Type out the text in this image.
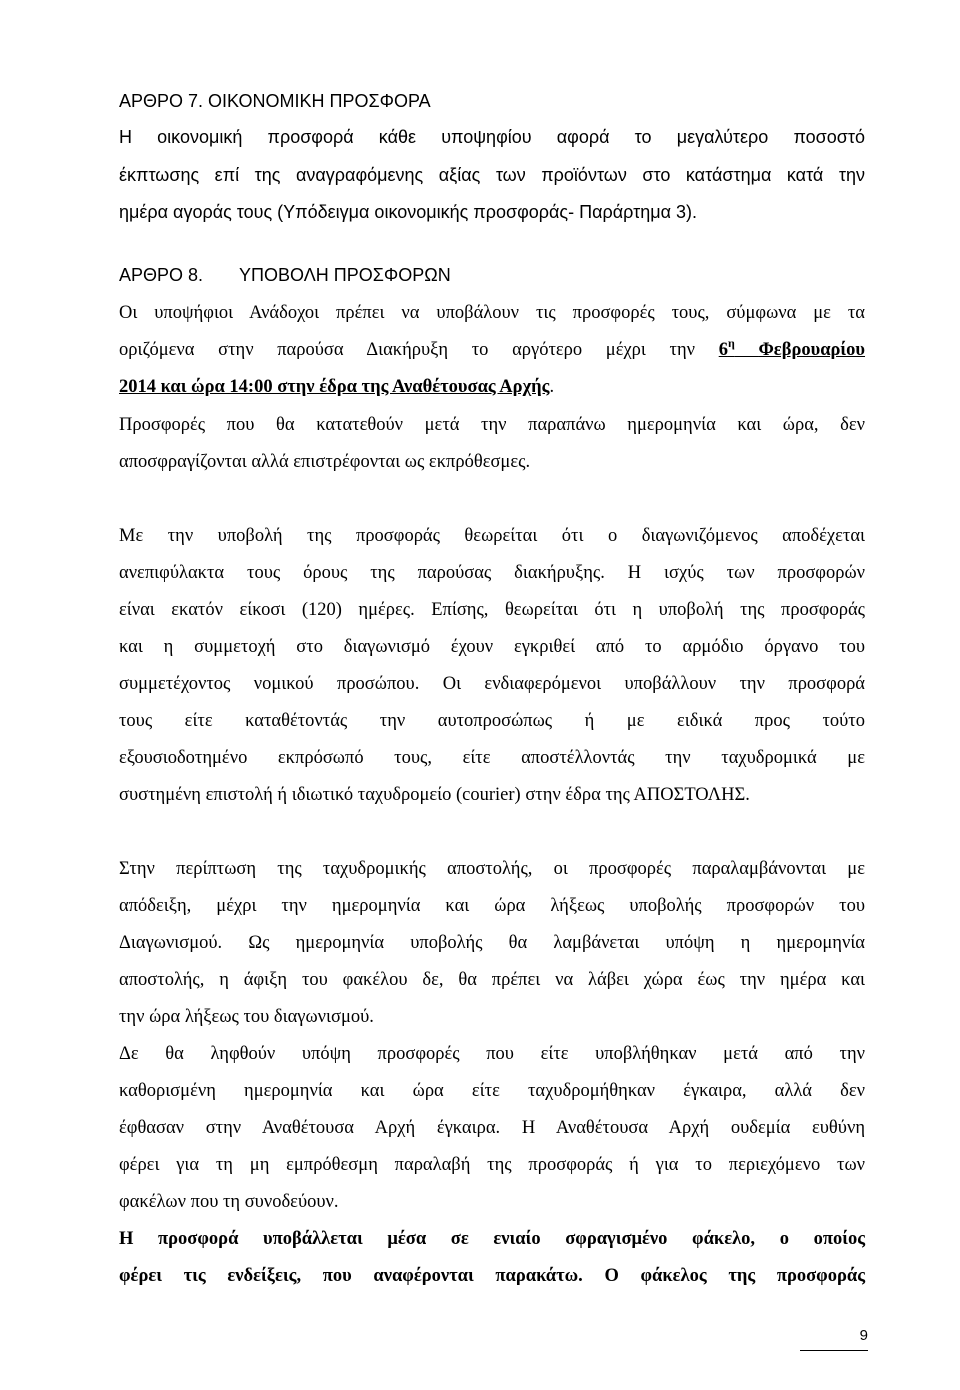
ΑΡΘΡΟ 7. ΟΙΚΟΝΟΜΙΚΗ ΠΡΟΣΦΟΡΑ
Η οικονομική προσφορά κάθε υποψηφίου αφορά το μεγαλύτερο ποσοστό
έκπτωσης επί της αναγραφόμενης αξίας των προϊόντων στο κατάστημα κατά την
ημέρα αγοράς τους (Υπόδειγμα οικονομικής προσφοράς- Παράρτημα 3).
ΑΡΘΡΟ 8. ΥΠΟΒΟΛΗ ΠΡΟΣΦΟΡΩΝ
Οι υποψήφιοι Ανάδοχοι πρέπει να υποβάλουν τις προσφορές τους, σύμφωνα με τα
οριζόμενα στην παρούσα Διακήρυξη το αργότερο μέχρι την $6^\eta$ Φεβρουαρίου
2014 και ώρα 14:00 στην έδρα της Αναθέτουσας Αρχής.
Προσφορές που θα κατατεθούν μετά την παραπάνω ημερομηνία και ώρα, δεν
αποσφραγίζονται αλλά επιστρέφονται ως εκπρόθεσμες.
Με την υποβολή της προσφοράς θεωρείται ότι ο διαγωνιζόμενος αποδέχεται
ανεπιφύλακτα τους όρους της παρούσας διακήρυξης. Η ισχύς των προσφορών
είναι εκατόν είκοσι (120) ημέρες. Επίσης, θεωρείται ότι η υποβολή της προσφοράς
και η συμμετοχή στο διαγωνισμό έχουν εγκριθεί από το αρμόδιο όργανο του
συμμετέχοντος νομικού προσώπου. Οι ενδιαφερόμενοι υποβάλλουν την προσφορά
τους είτε καταθέτοντάς την αυτοπροσώπως ή με ειδικά προς τούτο
εξουσιοδοτημένο εκπρόσωπό τους, είτε αποστέλλοντάς την ταχυδρομικά με
συστημένη επιστολή ή ιδιωτικό ταχυδρομείο (courier) στην έδρα της ΑΠΟΣΤΟΛΗΣ.
Στην περίπτωση της ταχυδρομικής αποστολής, οι προσφορές παραλαμβάνονται με
απόδειξη, μέχρι την ημερομηνία και ώρα λήξεως υποβολής προσφορών του
Διαγωνισμού. Ως ημερομηνία υποβολής θα λαμβάνεται υπόψη η ημερομηνία
αποστολής, η άφιξη του φακέλου δε, θα πρέπει να λάβει χώρα έως την ημέρα και
την ώρα λήξεως του διαγωνισμού.
Δε θα ληφθούν υπόψη προσφορές που είτε υποβλήθηκαν μετά από την
καθορισμένη ημερομηνία και ώρα είτε ταχυδρομήθηκαν έγκαιρα, αλλά δεν
έφθασαν στην Αναθέτουσα Αρχή έγκαιρα. Η Αναθέτουσα Αρχή ουδεμία ευθύνη
φέρει για τη μη εμπρόθεσμη παραλαβή της προσφοράς ή για το περιεχόμενο των
φακέλων που τη συνοδεύουν.
Η προσφορά υποβάλλεται μέσα σε ενιαίο σφραγισμένο φάκελο, ο οποίος
φέρει τις ενδείξεις, που αναφέρονται παρακάτω. Ο φάκελος της προσφοράς
9
